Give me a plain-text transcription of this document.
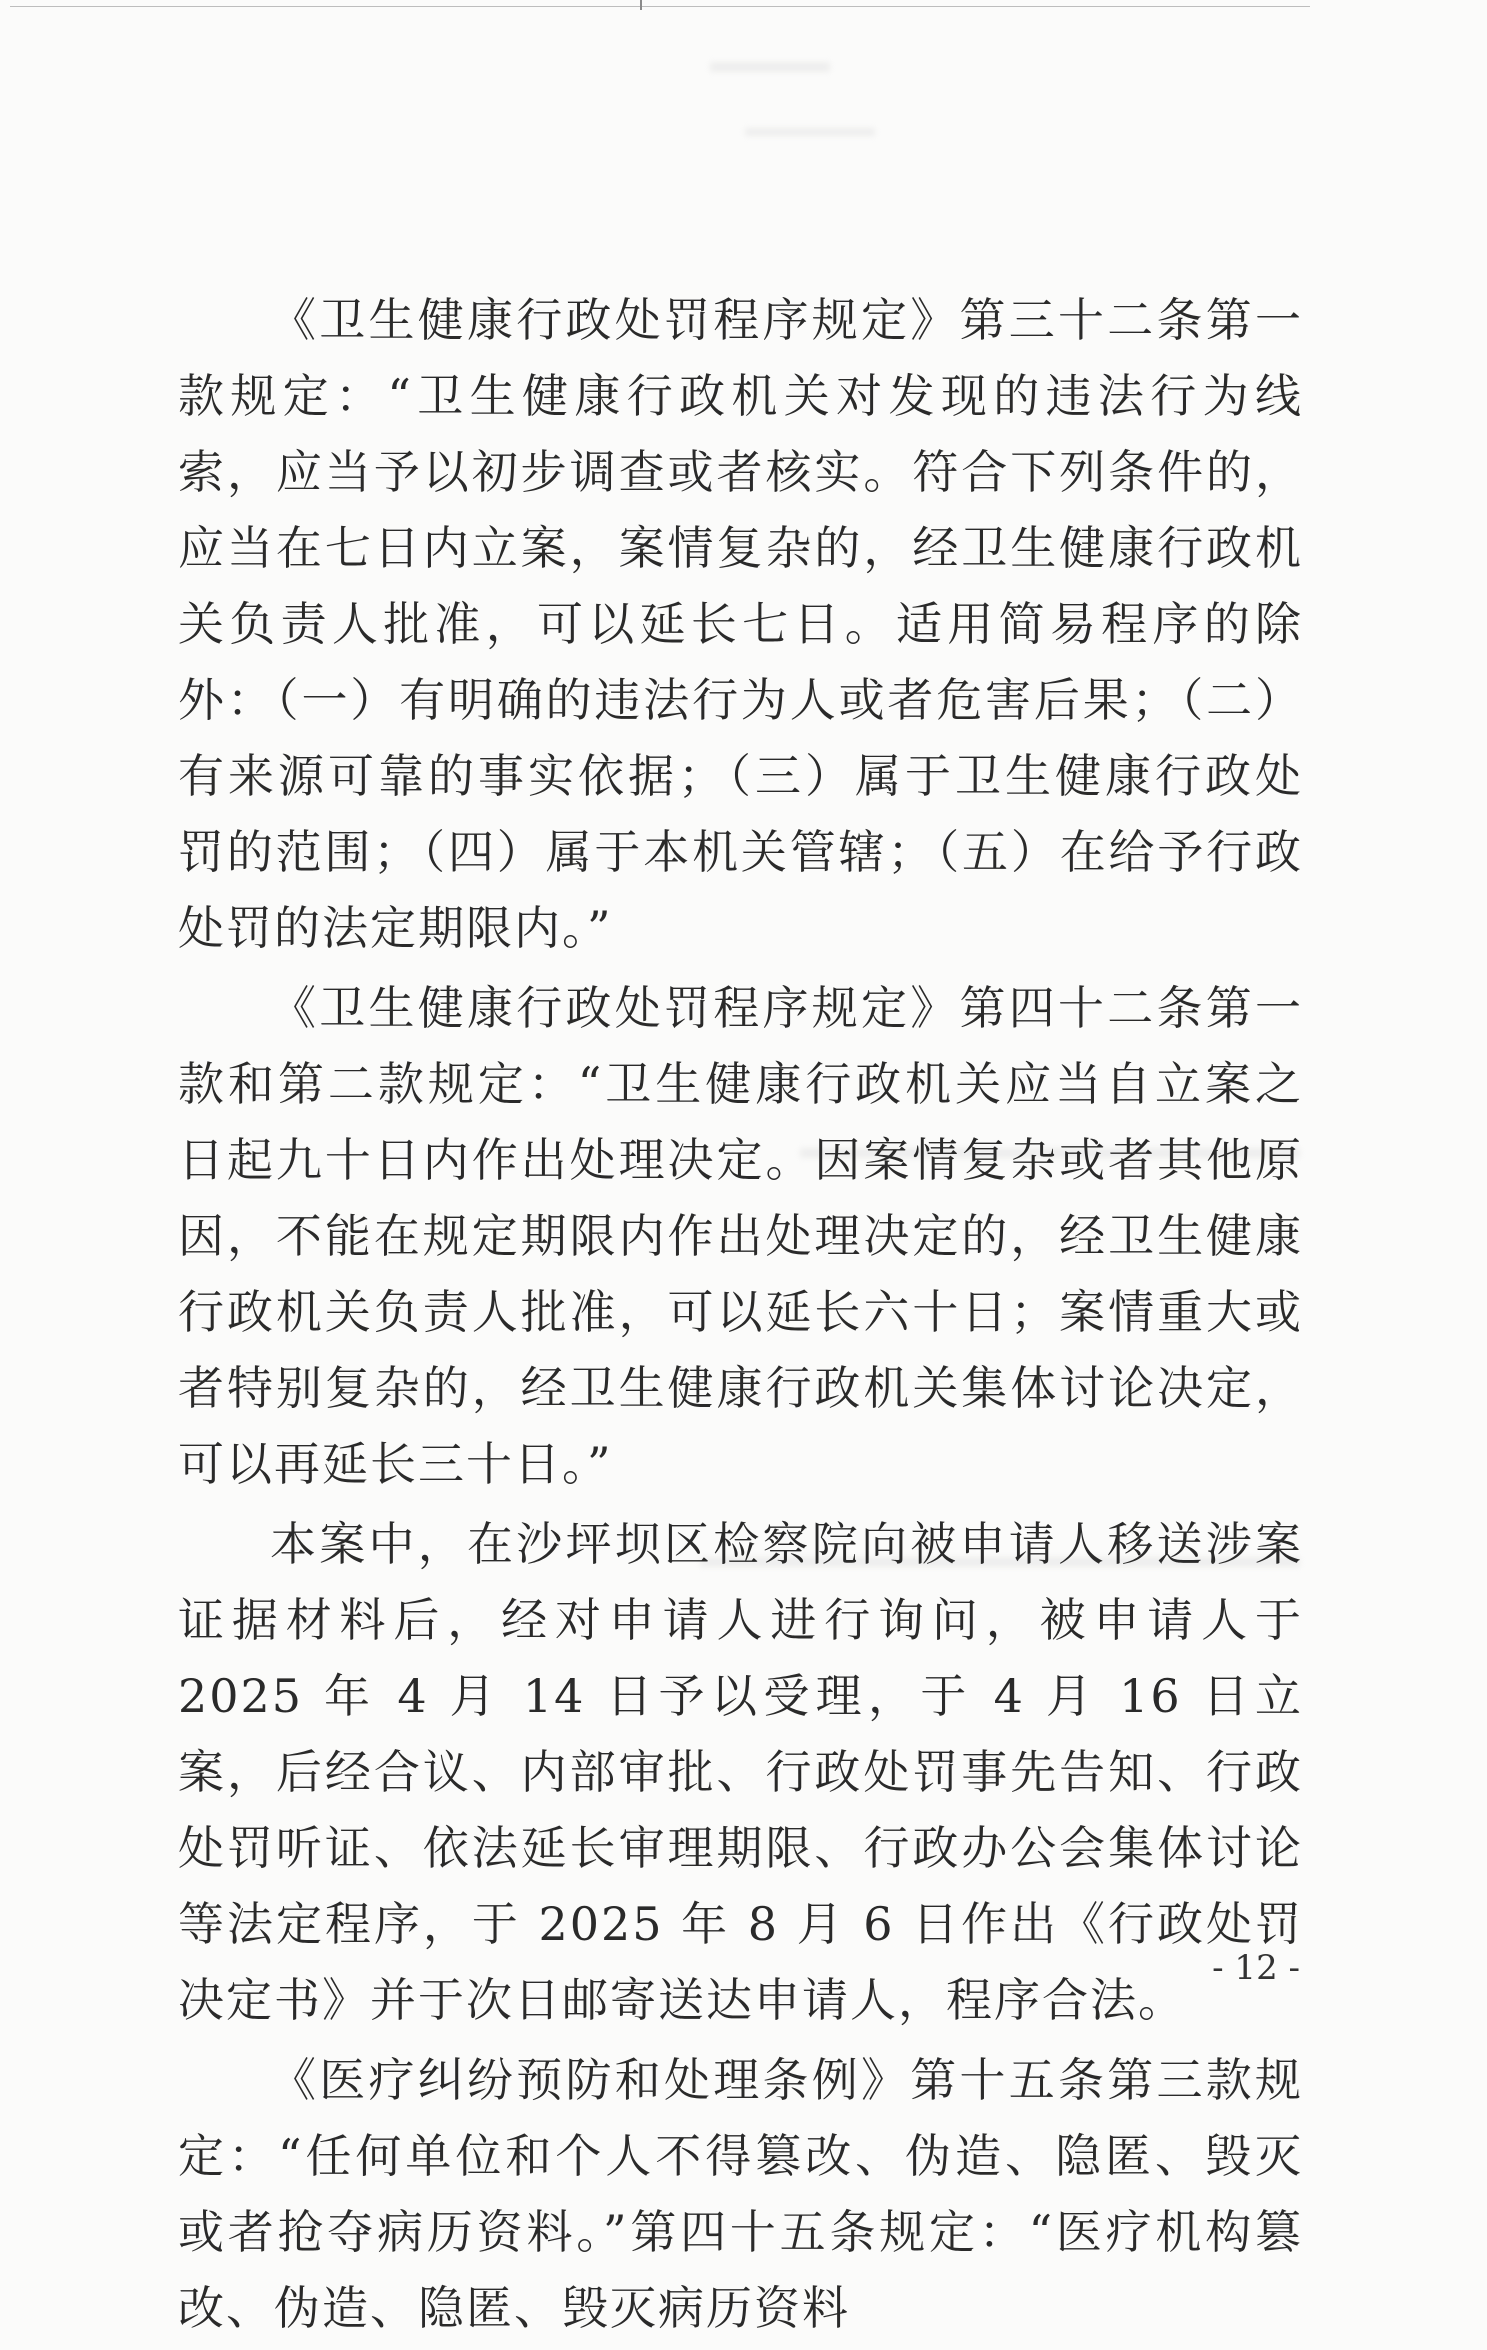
《卫生健康行政处罚程序规定》第三十二条第一款规定：“卫生健康行政机关对发现的违法行为线索，应当予以初步调查或者核实。符合下列条件的，应当在七日内立案，案情复杂的，经卫生健康行政机关负责人批准，可以延长七日。适用简易程序的除外：（一）有明确的违法行为人或者危害后果；（二）有来源可靠的事实依据；（三）属于卫生健康行政处罚的范围；（四）属于本机关管辖；（五）在给予行政处罚的法定期限内。”

《卫生健康行政处罚程序规定》第四十二条第一款和第二款规定：“卫生健康行政机关应当自立案之日起九十日内作出处理决定。因案情复杂或者其他原因，不能在规定期限内作出处理决定的，经卫生健康行政机关负责人批准，可以延长六十日；案情重大或者特别复杂的，经卫生健康行政机关集体讨论决定，可以再延长三十日。”

本案中，在沙坪坝区检察院向被申请人移送涉案证据材料后，经对申请人进行询问，被申请人于 2025 年 4 月 14 日予以受理，于 4 月 16 日立案，后经合议、内部审批、行政处罚事先告知、行政处罚听证、依法延长审理期限、行政办公会集体讨论等法定程序，于 2025 年 8 月 6 日作出《行政处罚决定书》并于次日邮寄送达申请人，程序合法。

《医疗纠纷预防和处理条例》第十五条第三款规定：“任何单位和个人不得篡改、伪造、隐匿、毁灭或者抢夺病历资料。”第四十五条规定：“医疗机构篡改、伪造、隐匿、毁灭病历资料

- 12 -
